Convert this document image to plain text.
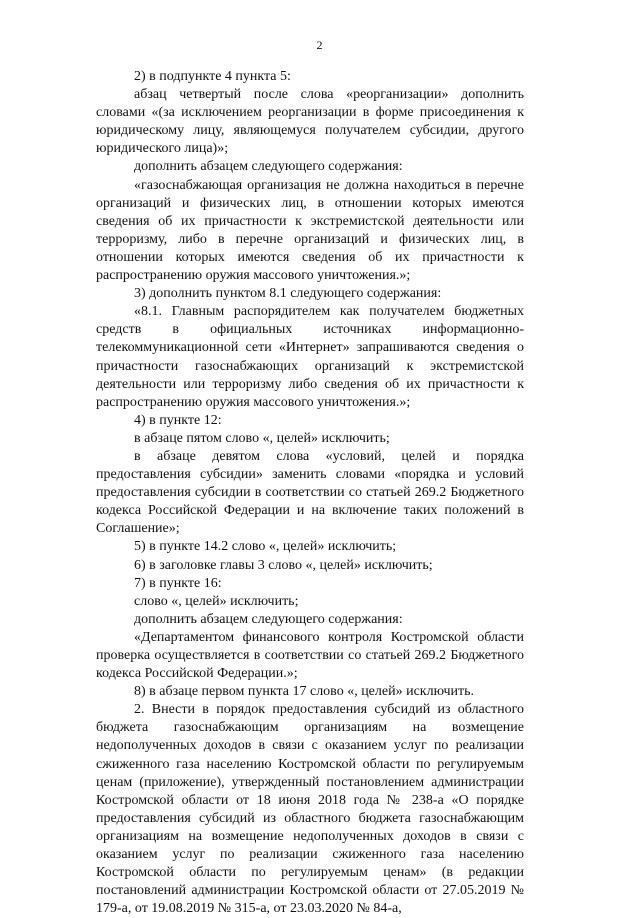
2

2) в подпункте 4 пункта 5:

абзац четвертый после слова «реорганизации» дополнить словами «(за исключением реорганизации в форме присоединения к юридическому лицу, являющемуся получателем субсидии, другого юридического лица)»;

дополнить абзацем следующего содержания:

«газоснабжающая организация не должна находиться в перечне организаций и физических лиц, в отношении которых имеются сведения об их причастности к экстремистской деятельности или терроризму, либо в перечне организаций и физических лиц, в отношении которых имеются сведения об их причастности к распространению оружия массового уничтожения.»;

3) дополнить пунктом 8.1 следующего содержания:

«8.1. Главным распорядителем как получателем бюджетных средств в официальных источниках информационно-телекоммуникационной сети «Интернет» запрашиваются сведения о причастности газоснабжающих организаций к экстремистской деятельности или терроризму либо сведения об их причастности к распространению оружия массового уничтожения.»;

4) в пункте 12:

в абзаце пятом слово «, целей» исключить;

в абзаце девятом слова «условий, целей и порядка предоставления субсидии» заменить словами «порядка и условий предоставления субсидии в соответствии со статьей 269.2 Бюджетного кодекса Российской Федерации и на включение таких положений в Соглашение»;

5) в пункте 14.2 слово «, целей» исключить;

6) в заголовке главы 3 слово «, целей» исключить;

7) в пункте 16:

слово «, целей» исключить;

дополнить абзацем следующего содержания:

«Департаментом финансового контроля Костромской области проверка осуществляется в соответствии со статьей 269.2 Бюджетного кодекса Российской Федерации.»;

8) в абзаце первом пункта 17 слово «, целей» исключить.

2. Внести в порядок предоставления субсидий из областного бюджета газоснабжающим организациям на возмещение недополученных доходов в связи с оказанием услуг по реализации сжиженного газа населению Костромской области по регулируемым ценам (приложение), утвержденный постановлением администрации Костромской области от 18 июня 2018 года № 238-а «О порядке предоставления субсидий из областного бюджета газоснабжающим организациям на возмещение недополученных доходов в связи с оказанием услуг по реализации сжиженного газа населению Костромской области по регулируемым ценам» (в редакции постановлений администрации Костромской области от 27.05.2019 № 179-а, от 19.08.2019 № 315-а, от 23.03.2020 № 84-а,
